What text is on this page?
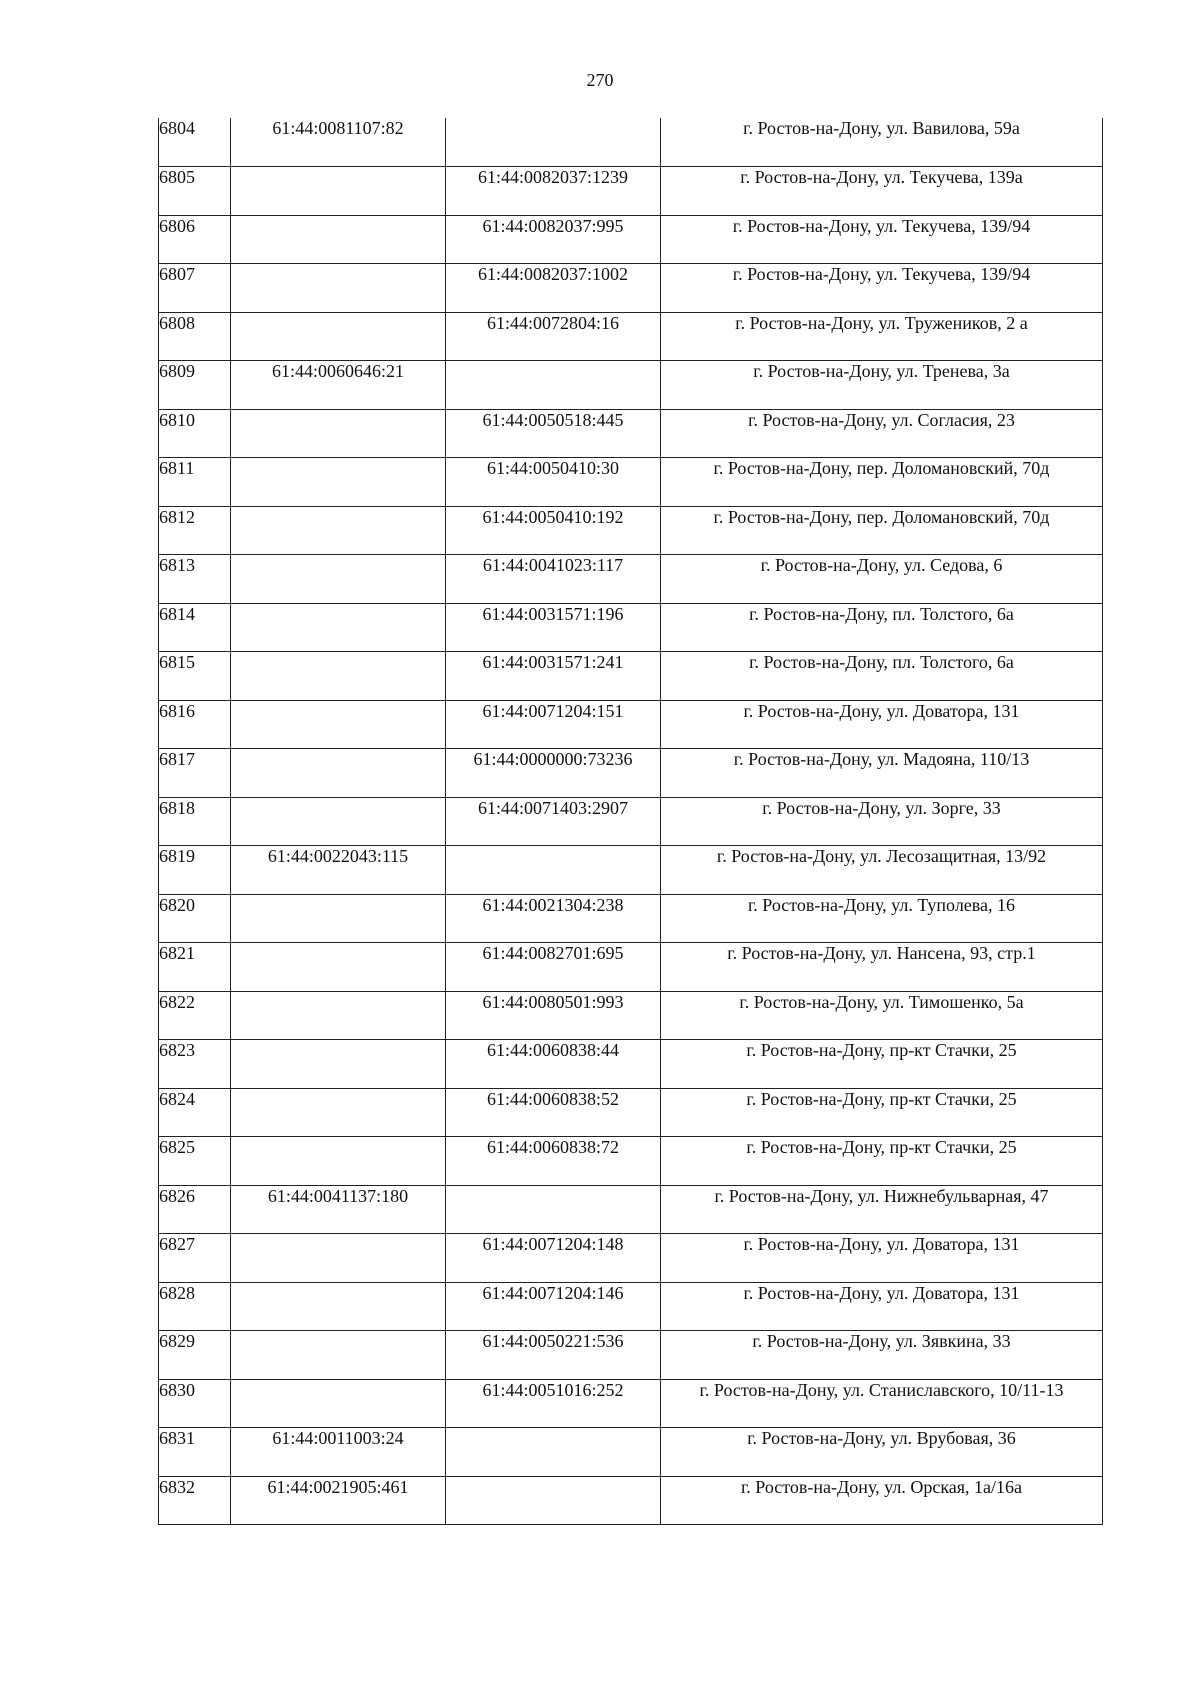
270
6804	61:44:0081107:82		г. Ростов-на-Дону, ул. Вавилова, 59а
6805		61:44:0082037:1239	г. Ростов-на-Дону, ул. Текучева, 139а
6806		61:44:0082037:995	г. Ростов-на-Дону, ул. Текучева, 139/94
6807		61:44:0082037:1002	г. Ростов-на-Дону, ул. Текучева, 139/94
6808		61:44:0072804:16	г. Ростов-на-Дону, ул. Тружеников, 2 а
6809	61:44:0060646:21		г. Ростов-на-Дону, ул. Тренева, 3а
6810		61:44:0050518:445	г. Ростов-на-Дону, ул. Согласия, 23
6811		61:44:0050410:30	г. Ростов-на-Дону, пер. Доломановский, 70д
6812		61:44:0050410:192	г. Ростов-на-Дону, пер. Доломановский, 70д
6813		61:44:0041023:117	г. Ростов-на-Дону, ул. Седова, 6
6814		61:44:0031571:196	г. Ростов-на-Дону, пл. Толстого, 6а
6815		61:44:0031571:241	г. Ростов-на-Дону, пл. Толстого, 6а
6816		61:44:0071204:151	г. Ростов-на-Дону, ул. Доватора, 131
6817		61:44:0000000:73236	г. Ростов-на-Дону, ул. Мадояна, 110/13
6818		61:44:0071403:2907	г. Ростов-на-Дону, ул. Зорге, 33
6819	61:44:0022043:115		г. Ростов-на-Дону, ул. Лесозащитная, 13/92
6820		61:44:0021304:238	г. Ростов-на-Дону, ул. Туполева, 16
6821		61:44:0082701:695	г. Ростов-на-Дону, ул. Нансена, 93, стр.1
6822		61:44:0080501:993	г. Ростов-на-Дону, ул. Тимошенко, 5а
6823		61:44:0060838:44	г. Ростов-на-Дону, пр-кт Стачки, 25
6824		61:44:0060838:52	г. Ростов-на-Дону, пр-кт Стачки, 25
6825		61:44:0060838:72	г. Ростов-на-Дону, пр-кт Стачки, 25
6826	61:44:0041137:180		г. Ростов-на-Дону, ул. Нижнебульварная, 47
6827		61:44:0071204:148	г. Ростов-на-Дону, ул. Доватора, 131
6828		61:44:0071204:146	г. Ростов-на-Дону, ул. Доватора, 131
6829		61:44:0050221:536	г. Ростов-на-Дону, ул. Зявкина, 33
6830		61:44:0051016:252	г. Ростов-на-Дону, ул. Станиславского, 10/11-13
6831	61:44:0011003:24		г. Ростов-на-Дону, ул. Врубовая, 36
6832	61:44:0021905:461		г. Ростов-на-Дону, ул. Орская, 1а/16а
